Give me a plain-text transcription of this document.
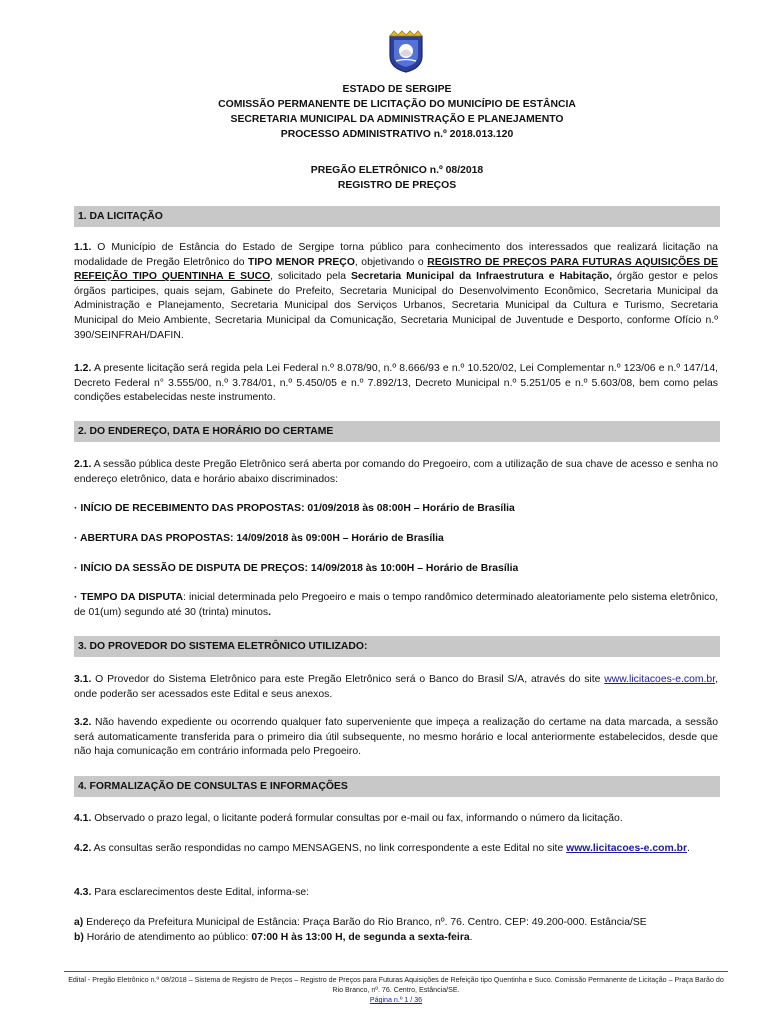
ESTADO DE SERGIPE
COMISSÃO PERMANENTE DE LICITAÇÃO DO MUNICÍPIO DE ESTÂNCIA
SECRETARIA MUNICIPAL DA ADMINISTRAÇÃO E PLANEJAMENTO
PROCESSO ADMINISTRATIVO n.º 2018.013.120
PREGÃO ELETRÔNICO n.º 08/2018
REGISTRO DE PREÇOS
1. DA LICITAÇÃO
1.1. O Município de Estância do Estado de Sergipe torna público para conhecimento dos interessados que realizará licitação na modalidade de Pregão Eletrônico do TIPO MENOR PREÇO, objetivando o REGISTRO DE PREÇOS PARA FUTURAS AQUISIÇÕES DE REFEIÇÃO TIPO QUENTINHA E SUCO, solicitado pela Secretaria Municipal da Infraestrutura e Habitação, órgão gestor e pelos órgãos participes, quais sejam, Gabinete do Prefeito, Secretaria Municipal do Desenvolvimento Econômico, Secretaria Municipal da Administração e Planejamento, Secretaria Municipal dos Serviços Urbanos, Secretaria Municipal da Cultura e Turismo, Secretaria Municipal do Meio Ambiente, Secretaria Municipal da Comunicação, Secretaria Municipal de Juventude e Desporto, conforme Ofício n.º 390/SEINFRAH/DAFIN.
1.2. A presente licitação será regida pela Lei Federal n.º 8.078/90, n.º 8.666/93 e n.º 10.520/02, Lei Complementar n.º 123/06 e n.º 147/14, Decreto Federal n° 3.555/00, n.º 3.784/01, n.º 5.450/05 e n.º 7.892/13, Decreto Municipal n.º 5.251/05 e n.º 5.603/08, bem como pelas condições estabelecidas neste instrumento.
2. DO ENDEREÇO, DATA E HORÁRIO DO CERTAME
2.1. A sessão pública deste Pregão Eletrônico será aberta por comando do Pregoeiro, com a utilização de sua chave de acesso e senha no endereço eletrônico, data e horário abaixo discriminados:
· INÍCIO DE RECEBIMENTO DAS PROPOSTAS: 01/09/2018 às 08:00H – Horário de Brasília
· ABERTURA DAS PROPOSTAS: 14/09/2018 às 09:00H – Horário de Brasília
· INÍCIO DA SESSÃO DE DISPUTA DE PREÇOS: 14/09/2018 às 10:00H – Horário de Brasília
· TEMPO DA DISPUTA: inicial determinada pelo Pregoeiro e mais o tempo randômico determinado aleatoriamente pelo sistema eletrônico, de 01(um) segundo até 30 (trinta) minutos.
3. DO PROVEDOR DO SISTEMA ELETRÔNICO UTILIZADO:
3.1. O Provedor do Sistema Eletrônico para este Pregão Eletrônico será o Banco do Brasil S/A, através do site www.licitacoes-e.com.br, onde poderão ser acessados este Edital e seus anexos.
3.2. Não havendo expediente ou ocorrendo qualquer fato superveniente que impeça a realização do certame na data marcada, a sessão será automaticamente transferida para o primeiro dia útil subsequente, no mesmo horário e local anteriormente estabelecidos, desde que não haja comunicação em contrário informada pelo Pregoeiro.
4. FORMALIZAÇÃO DE CONSULTAS E INFORMAÇÕES
4.1. Observado o prazo legal, o licitante poderá formular consultas por e-mail ou fax, informando o número da licitação.
4.2. As consultas serão respondidas no campo MENSAGENS, no link correspondente a este Edital no site www.licitacoes-e.com.br.
4.3. Para esclarecimentos deste Edital, informa-se:
a) Endereço da Prefeitura Municipal de Estância: Praça Barão do Rio Branco, nº. 76. Centro. CEP: 49.200-000. Estância/SE
b) Horário de atendimento ao público: 07:00 H às 13:00 H, de segunda a sexta-feira.
Edital - Pregão Eletrônico n.º 08/2018 – Sistema de Registro de Preços – Registro de Preços para Futuras Aquisições de Refeição tipo Quentinha e Suco. Comissão Permanente de Licitação – Praça Barão do Rio Branco, nº. 76. Centro, Estância/SE.
Página n.º 1 / 36
